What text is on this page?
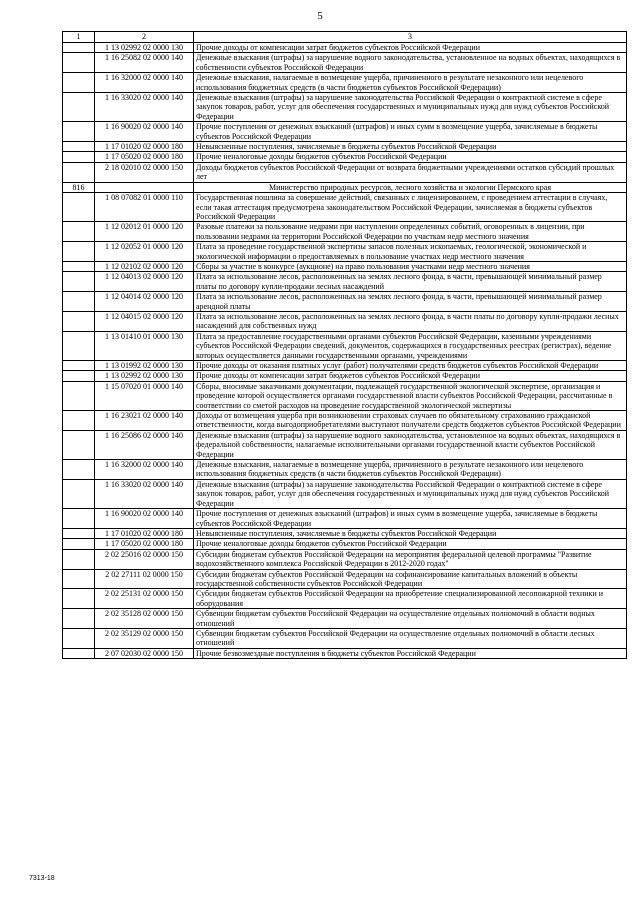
5
1	2	3
	1 13 02992 02 0000 130	Прочие доходы от компенсации затрат бюджетов субъектов Российской Федерации
	1 16 25082 02 0000 140	Денежные взыскания (штрафы) за нарушение водного законодательства, установленное на водных объектах, находящихся в собственности субъектов Российской Федерации
	1 16 32000 02 0000 140	Денежные взыскания, налагаемые в возмещение ущерба, причиненного в результате незаконного или нецелевого использования бюджетных средств (в части бюджетов субъектов Российской Федерации)
	1 16 33020 02 0000 140	Денежные взыскания (штрафы) за нарушение законодательства Российской Федерации о контрактной системе в сфере закупок товаров, работ, услуг для обеспечения государственных и муниципальных нужд для нужд субъектов Российской Федерации
	1 16 90020 02 0000 140	Прочие поступления от денежных взысканий (штрафов) и иных сумм в возмещение ущерба, зачисляемые в бюджеты субъектов Российской Федерации
	1 17 01020 02 0000 180	Невыясненные поступления, зачисляемые в бюджеты субъектов Российской Федерации
	1 17 05020 02 0000 180	Прочие неналоговые доходы бюджетов субъектов Российской Федерации
	2 18 02010 02 0000 150	Доходы бюджетов субъектов Российской Федерации от возврата бюджетными учреждениями остатков субсидий прошлых лет
816		Министерство природных ресурсов, лесного хозяйства и экологии Пермского края
	1 08 07082 01 0000 110	Государственная пошлина за совершение действий, связанных с лицензированием, с проведением аттестации в случаях, если такая аттестация предусмотрена законодательством Российской Федерации, зачисляемая в бюджеты субъектов Российской Федерации
	1 12 02012 01 0000 120	Разовые платежи за пользование недрами при наступлении определенных событий, оговоренных в лицензии, при пользовании недрами на территории Российской Федерации по участкам недр местного значения
	1 12 02052 01 0000 120	Плата за проведение государственной экспертизы запасов полезных ископаемых, геологической, экономической и экологической информации о предоставляемых в пользование участках недр местного значения
	1 12 02102 02 0000 120	Сборы за участие в конкурсе (аукционе) на право пользования участками недр местного значения
	1 12 04013 02 0000 120	Плата за использование лесов, расположенных на землях лесного фонда, в части, превышающей минимальный размер платы по договору купли-продажи лесных насаждений
	1 12 04014 02 0000 120	Плата за использование лесов, расположенных на землях лесного фонда, в части, превышающей минимальный размер арендной платы
	1 12 04015 02 0000 120	Плата за использование лесов, расположенных на землях лесного фонда, в части платы по договору купли-продажи лесных насаждений для собственных нужд
	1 13 01410 01 0000 130	Плата за предоставление государственными органами субъектов Российской Федерации, казенными учреждениями субъектов Российской Федерации сведений, документов, содержащихся в государственных реестрах (регистрах), ведение которых осуществляется данными государственными органами, учреждениями
	1 13 01992 02 0000 130	Прочие доходы от оказания платных услуг (работ) получателями средств бюджетов субъектов Российской Федерации
	1 13 02992 02 0000 130	Прочие доходы от компенсации затрат бюджетов субъектов Российской Федерации
	1 15 07020 01 0000 140	Сборы, вносимые заказчиками документации, подлежащей государственной экологической экспертизе, организация и проведение которой осуществляется органами государственной власти субъектов Российской Федерации, рассчитанные в соответствии со сметой расходов на проведение государственной экологической экспертизы
	1 16 23021 02 0000 140	Доходы от возмещения ущерба при возникновении страховых случаев по обязательному страхованию гражданской ответственности, когда выгодоприобретателями выступают получатели средств бюджетов субъектов Российской Федерации
	1 16 25086 02 0000 140	Денежные взыскания (штрафы) за нарушение водного законодательства, установленное на водных объектах, находящихся в федеральной собственности, налагаемые исполнительными органами государственной власти субъектов Российской Федерации
	1 16 32000 02 0000 140	Денежные взыскания, налагаемые в возмещение ущерба, причиненного в результате незаконного или нецелевого использования бюджетных средств (в части бюджетов субъектов Российской Федерации)
	1 16 33020 02 0000 140	Денежные взыскания (штрафы) за нарушение законодательства Российской Федерации о контрактной системе в сфере закупок товаров, работ, услуг для обеспечения государственных и муниципальных нужд для нужд субъектов Российской Федерации
	1 16 90020 02 0000 140	Прочие поступления от денежных взысканий (штрафов) и иных сумм в возмещение ущерба, зачисляемые в бюджеты субъектов Российской Федерации
	1 17 01020 02 0000 180	Невыясненные поступления, зачисляемые в бюджеты субъектов Российской Федерации
	1 17 05020 02 0000 180	Прочие неналоговые доходы бюджетов субъектов Российской Федерации
	2 02 25016 02 0000 150	Субсидии бюджетам субъектов Российской Федерации на мероприятия федеральной целевой программы "Развитие водохозяйственного комплекса Российской Федерации в 2012-2020 годах"
	2 02 27111 02 0000 150	Субсидии бюджетам субъектов Российской Федерации на софинансирование капитальных вложений в объекты государственной собственности субъектов Российской Федерации
	2 02 25131 02 0000 150	Субсидии бюджетам субъектов Российской Федерации на приобретение специализированной лесопожарной техники и оборудования
	2 02 35128 02 0000 150	Субвенции бюджетам субъектов Российской Федерации на осуществление отдельных полномочий в области водных отношений
	2 02 35129 02 0000 150	Субвенции бюджетам субъектов Российской Федерации на осуществление отдельных полномочий в области лесных отношений
	2 07 02030 02 0000 150	Прочие безвозмездные поступления в бюджеты субъектов Российской Федерации
7313-18
